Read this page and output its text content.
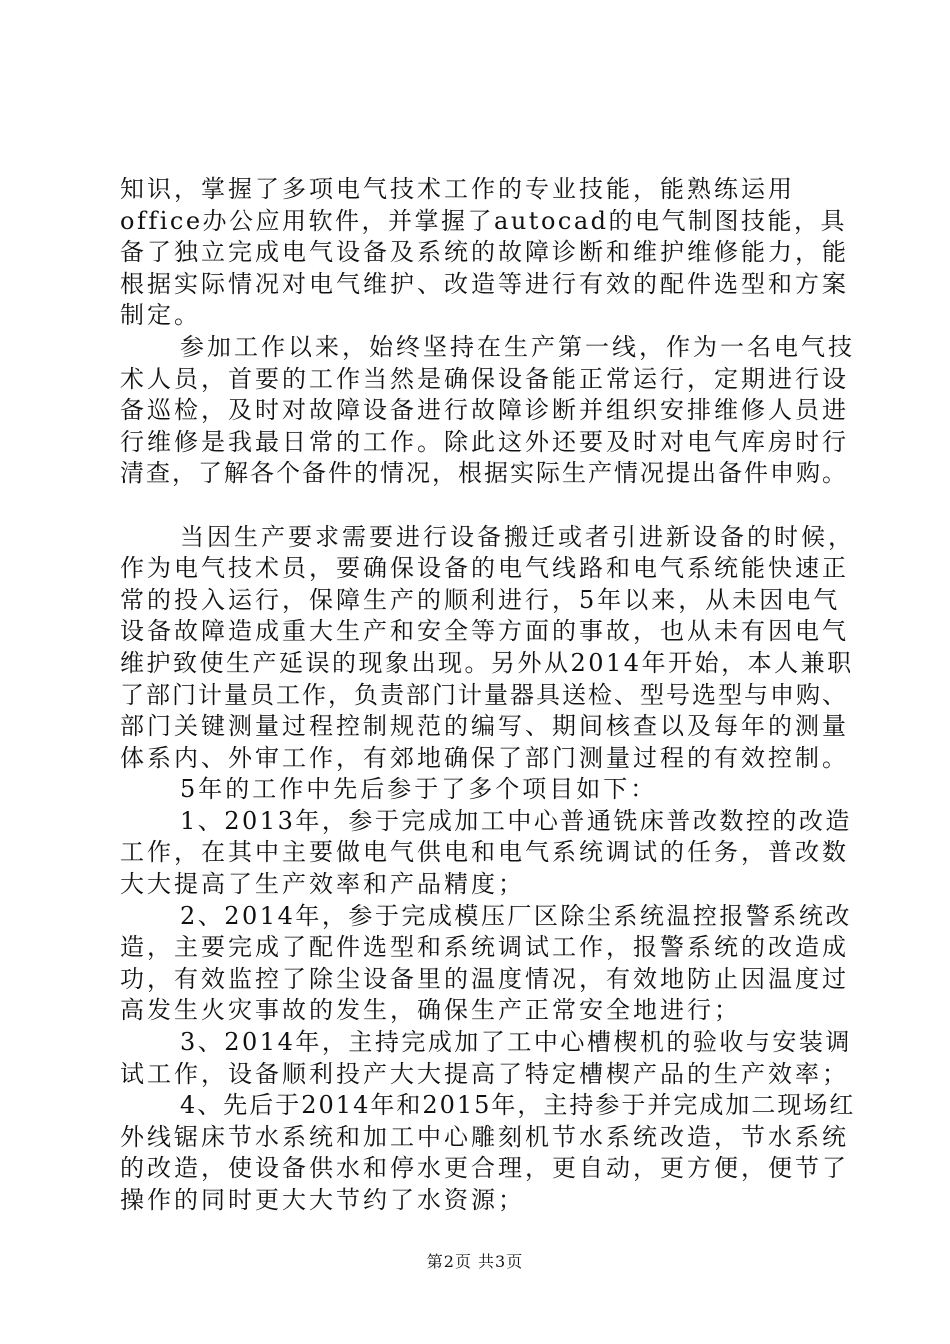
知识，掌握了多项电气技术工作的专业技能，能熟练运用
office办公应用软件，并掌握了autocad的电气制图技能，具
备了独立完成电气设备及系统的故障诊断和维护维修能力，能
根据实际情况对电气维护、改造等进行有效的配件选型和方案
制定。
参加工作以来，始终坚持在生产第一线，作为一名电气技
术人员，首要的工作当然是确保设备能正常运行，定期进行设
备巡检，及时对故障设备进行故障诊断并组织安排维修人员进
行维修是我最日常的工作。除此这外还要及时对电气库房时行
清查，了解各个备件的情况，根据实际生产情况提出备件申购。
当因生产要求需要进行设备搬迁或者引进新设备的时候，
作为电气技术员，要确保设备的电气线路和电气系统能快速正
常的投入运行，保障生产的顺利进行，5年以来，从未因电气
设备故障造成重大生产和安全等方面的事故，也从未有因电气
维护致使生产延误的现象出现。另外从2014年开始，本人兼职
了部门计量员工作，负责部门计量器具送检、型号选型与申购、
部门关键测量过程控制规范的编写、期间核查以及每年的测量
体系内、外审工作，有郊地确保了部门测量过程的有效控制。
5年的工作中先后参于了多个项目如下：
1、2013年，参于完成加工中心普通铣床普改数控的改造
工作，在其中主要做电气供电和电气系统调试的任务，普改数
大大提高了生产效率和产品精度；
2、2014年，参于完成模压厂区除尘系统温控报警系统改
造，主要完成了配件选型和系统调试工作，报警系统的改造成
功，有效监控了除尘设备里的温度情况，有效地防止因温度过
高发生火灾事故的发生，确保生产正常安全地进行；
3、2014年，主持完成加了工中心槽楔机的验收与安装调
试工作，设备顺利投产大大提高了特定槽楔产品的生产效率；
4、先后于2014年和2015年，主持参于并完成加二现场红
外线锯床节水系统和加工中心雕刻机节水系统改造，节水系统
的改造，使设备供水和停水更合理，更自动，更方便，便节了
操作的同时更大大节约了水资源；
第2页 共3页
